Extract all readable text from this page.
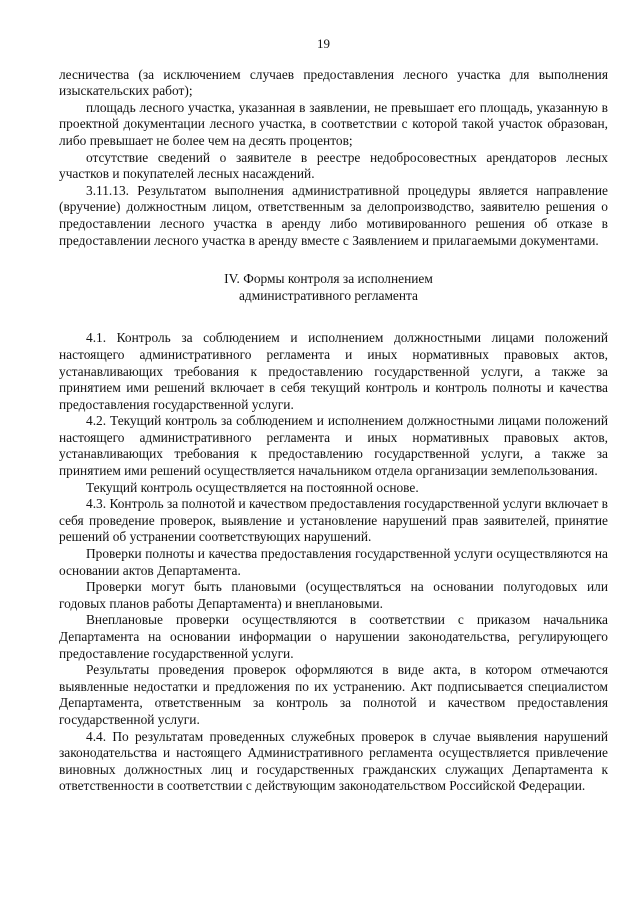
19

лесничества (за исключением случаев предоставления лесного участка для выполнения изыскательских работ);

площадь лесного участка, указанная в заявлении, не превышает его площадь, указанную в проектной документации лесного участка, в соответствии с которой такой участок образован, либо превышает не более чем на десять процентов;

отсутствие сведений о заявителе в реестре недобросовестных арендаторов лесных участков и покупателей лесных насаждений.

3.11.13. Результатом выполнения административной процедуры является направление (вручение) должностным лицом, ответственным за делопроизводство, заявителю решения о предоставлении лесного участка в аренду либо мотивированного решения об отказе в предоставлении лесного участка в аренду вместе с Заявлением и прилагаемыми документами.

IV. Формы контроля за исполнением
административного регламента

4.1. Контроль за соблюдением и исполнением должностными лицами положений настоящего административного регламента и иных нормативных правовых актов, устанавливающих требования к предоставлению государственной услуги, а также за принятием ими решений включает в себя текущий контроль и контроль полноты и качества предоставления государственной услуги.

4.2. Текущий контроль за соблюдением и исполнением должностными лицами положений настоящего административного регламента и иных нормативных правовых актов, устанавливающих требования к предоставлению государственной услуги, а также за принятием ими решений осуществляется начальником отдела организации землепользования.

Текущий контроль осуществляется на постоянной основе.

4.3. Контроль за полнотой и качеством предоставления государственной услуги включает в себя проведение проверок, выявление и установление нарушений прав заявителей, принятие решений об устранении соответствующих нарушений.

Проверки полноты и качества предоставления государственной услуги осуществляются на основании актов Департамента.

Проверки могут быть плановыми (осуществляться на основании полугодовых или годовых планов работы Департамента) и внеплановыми.

Внеплановые проверки осуществляются в соответствии с приказом начальника Департамента на основании информации о нарушении законодательства, регулирующего предоставление государственной услуги.

Результаты проведения проверок оформляются в виде акта, в котором отмечаются выявленные недостатки и предложения по их устранению. Акт подписывается специалистом Департамента, ответственным за контроль за полнотой и качеством предоставления государственной услуги.

4.4. По результатам проведенных служебных проверок в случае выявления нарушений законодательства и настоящего Административного регламента осуществляется привлечение виновных должностных лиц и государственных гражданских служащих Департамента к ответственности в соответствии с действующим законодательством Российской Федерации.
